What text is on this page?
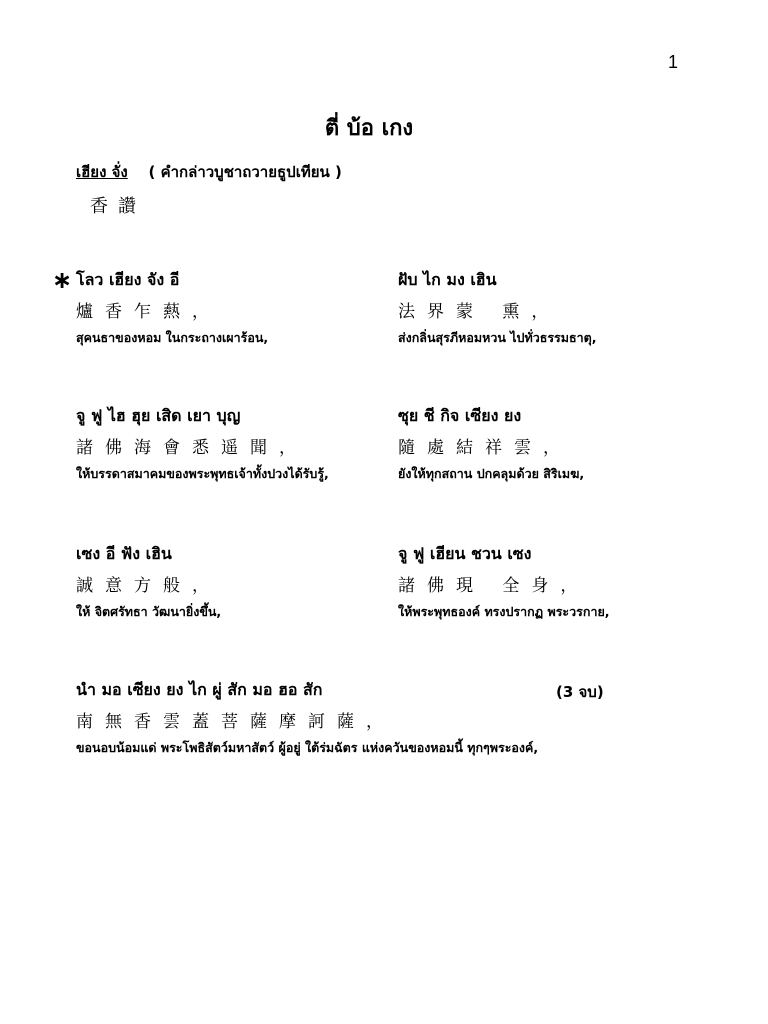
1
ตี่ บ้อ เกง
เฮียง จั่ง ( คำกล่าวบูชาถวายธูปเทียน )
香讚
∗ โลว เฮียง จัง อี
爐香乍爇，
สุคนธาของหอม ในกระถางเผาร้อน,
ฝับ ไก มง เฮิน
法界蒙 熏，
ส่งกลิ่นสุรภีหอมหวน ไปทั่วธรรมธาตุ,
จู ฟู ไฮ ฮุย เสิด เยา บุญ
諸佛海會悉遥聞，
ให้บรรดาสมาคมของพระพุทธเจ้าทั้งปวงได้รับรู้,
ซุย ชี กิจ เซียง ยง
隨處結祥雲，
ยังให้ทุกสถาน ปกคลุมด้วย สิริเมฆ,
เซง อี ฟัง เฮิน
誠意方般，
ให้ จิตศรัทธา วัฒนายิ่งขึ้น,
จู ฟู เฮียน ชวน เซง
諸佛現 全身，
ให้พระพุทธองค์ ทรงปรากฏ พระวรกาย,
นำ มอ เซียง ยง ไก ผู่ สัก มอ ฮอ สัก
南無香雲蓋菩薩摩訶薩，
ขอนอบน้อมแด่ พระโพธิสัตว์มหาสัตว์ ผู้อยู่ ใต้ร่มฉัตร แห่งควันของหอมนี้ ทุกๆพระองค์,
(3 จบ)
